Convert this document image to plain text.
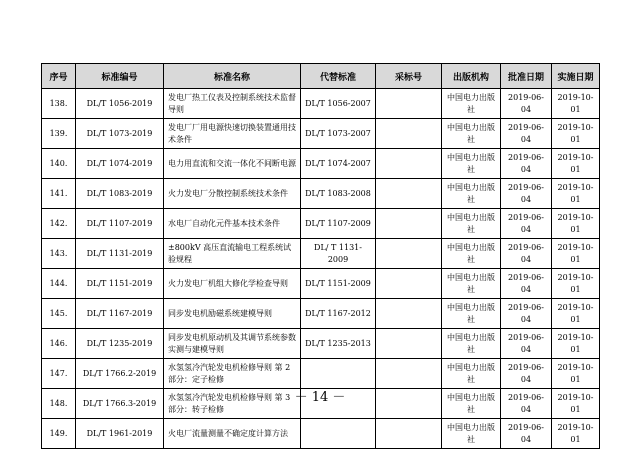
序号	标准编号	标准名称	代替标准	采标号	出版机构	批准日期	实施日期
138.	DL/T 1056-2019	发电厂热工仪表及控制系统技术监督导则	DL/T 1056-2007		中国电力出版社	2019-06-04	2019-10-01
139.	DL/T 1073-2019	发电厂厂用电源快速切换装置通用技术条件	DL/T 1073-2007		中国电力出版社	2019-06-04	2019-10-01
140.	DL/T 1074-2019	电力用直流和交流一体化不间断电源	DL/T 1074-2007		中国电力出版社	2019-06-04	2019-10-01
141.	DL/T 1083-2019	火力发电厂分散控制系统技术条件	DL/T 1083-2008		中国电力出版社	2019-06-04	2019-10-01
142.	DL/T 1107-2019	水电厂自动化元件基本技术条件	DL/T 1107-2009		中国电力出版社	2019-06-04	2019-10-01
143.	DL/T 1131-2019	±800kV 高压直流输电工程系统试验规程	DL/ T 1131-2009		中国电力出版社	2019-06-04	2019-10-01
144.	DL/T 1151-2019	火力发电厂机组大修化学检查导则	DL/T 1151-2009		中国电力出版社	2019-06-04	2019-10-01
145.	DL/T 1167-2019	同步发电机励磁系统建模导则	DL/T 1167-2012		中国电力出版社	2019-06-04	2019-10-01
146.	DL/T 1235-2019	同步发电机原动机及其调节系统参数实测与建模导则	DL/T 1235-2013		中国电力出版社	2019-06-04	2019-10-01
147.	DL/T 1766.2-2019	水氢氢冷汽轮发电机检修导则 第 2 部分：定子检修			中国电力出版社	2019-06-04	2019-10-01
148.	DL/T 1766.3-2019	水氢氢冷汽轮发电机检修导则 第 3 部分：转子检修			中国电力出版社	2019-06-04	2019-10-01
149.	DL/T 1961-2019	火电厂流量测量不确定度计算方法			中国电力出版社	2019-06-04	2019-10-01
－ 14 －
